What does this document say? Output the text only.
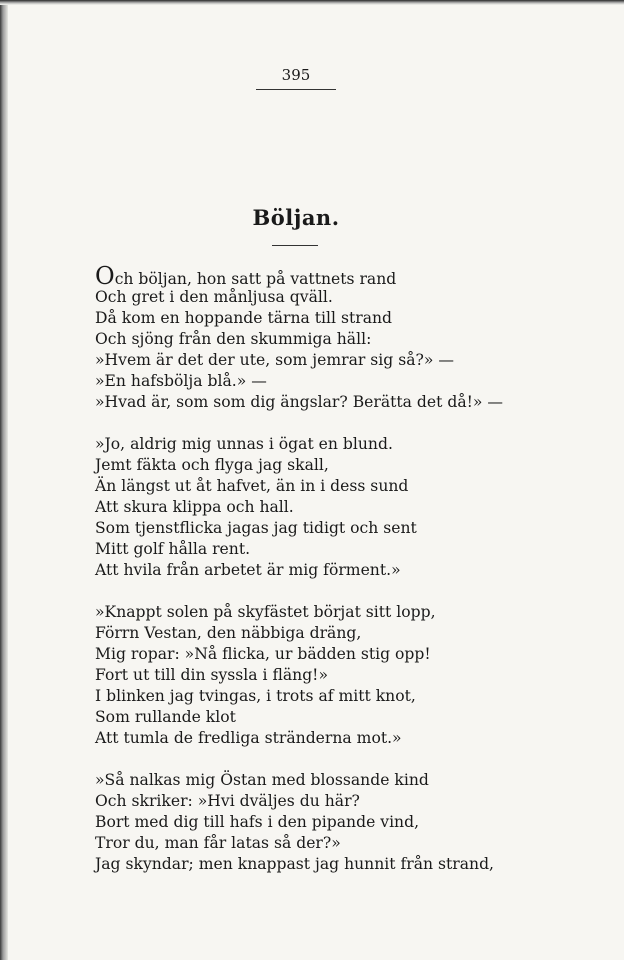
395
Böljan.
Och böljan, hon satt på vattnets rand
Och gret i den månljusa qväll.
Då kom en hoppande tärna till strand
Och sjöng från den skummiga häll:
»Hvem är det der ute, som jemrar sig så?» —
»En hafsbölja blå.» —
»Hvad är, som som dig ängslar? Berätta det då!» —
»Jo, aldrig mig unnas i ögat en blund.
Jemt fäkta och flyga jag skall,
Än längst ut åt hafvet, än in i dess sund
Att skura klippa och hall.
Som tjenstflicka jagas jag tidigt och sent
Mitt golf hålla rent.
Att hvila från arbetet är mig förment.»
»Knappt solen på skyfästet börjat sitt lopp,
Förrn Vestan, den näbbiga dräng,
Mig ropar: »Nå flicka, ur bädden stig opp!
Fort ut till din syssla i fläng!»
I blinken jag tvingas, i trots af mitt knot,
Som rullande klot
Att tumla de fredliga stränderna mot.»
»Så nalkas mig Östan med blossande kind
Och skriker: »Hvi dväljes du här?
Bort med dig till hafs i den pipande vind,
Tror du, man får latas så der?»
Jag skyndar; men knappast jag hunnit från strand,
